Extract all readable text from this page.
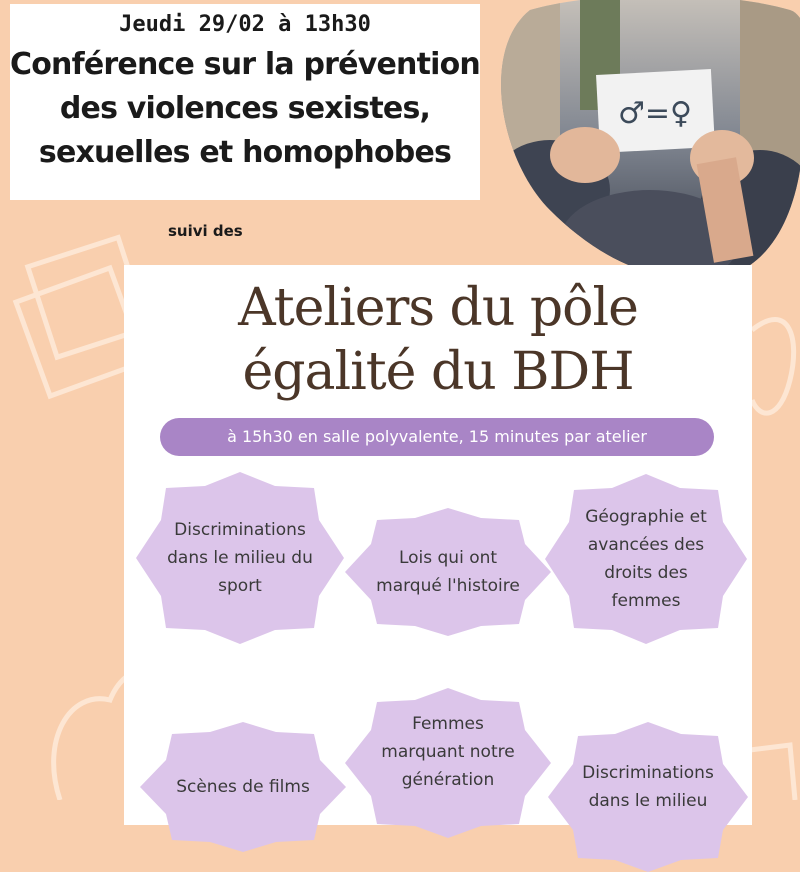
Jeudi 29/02 à 13h30
Conférence sur la prévention
des violences sexistes,
sexuelles et homophobes
suivi des
♂=♀
Ateliers du pôle
égalité du BDH
à 15h30 en salle polyvalente, 15 minutes par atelier
Discriminations dans le milieu du sport
Lois qui ont marqué l'histoire
Géographie et avancées des droits des femmes
Scènes de films
Femmes marquant notre génération	Discriminations dans le milieu
